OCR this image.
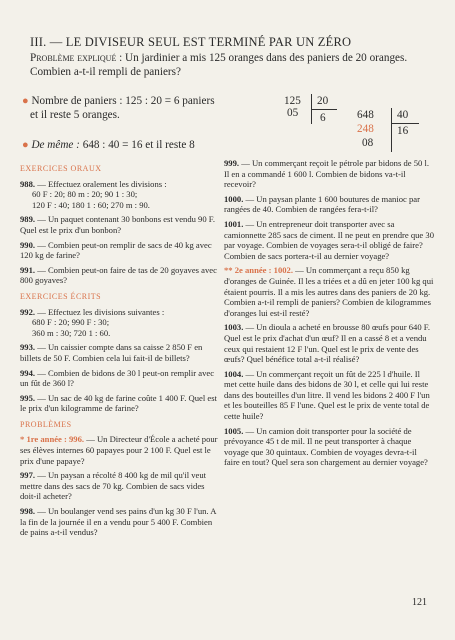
III. — LE DIVISEUR SEUL EST TERMINÉ PAR UN ZÉRO
Problème expliqué : Un jardinier a mis 125 oranges dans des paniers de 20 oranges. Combien a-t-il rempli de paniers?
● Nombre de paniers : 125 : 20 = 6 paniers
et il reste 5 oranges.
● De même : 648 : 40 = 16 et il reste 8
125 20
05 6	648 40
248
08
16

EXERCICES ORAUX

988. — Effectuez oralement les divisions :
60 F : 20; 80 m : 20; 90 1 : 30;
120 F : 40; 180 1 : 60; 270 m : 90.

989. — Un paquet contenant 30 bonbons est vendu 90 F. Quel est le prix d'un bonbon?

990. — Combien peut-on remplir de sacs de 40 kg avec 120 kg de farine?

991. — Combien peut-on faire de tas de 20 goyaves avec 800 goyaves?

EXERCICES ÉCRITS

992. — Effectuez les divisions suivantes :
680 F : 20; 990 F : 30;
360 m : 30; 720 1 : 60.

993. — Un caissier compte dans sa caisse 2 850 F en billets de 50 F. Combien cela lui fait-il de billets?

994. — Combien de bidons de 30 l peut-on remplir avec un fût de 360 l?

995. — Un sac de 40 kg de farine coûte 1 400 F. Quel est le prix d'un kilogramme de farine?

PROBLÈMES

* 1re année : 996. — Un Directeur d'École a acheté pour ses élèves internes 60 papayes pour 2 100 F. Quel est le prix d'une papaye?

997. — Un paysan a récolté 8 400 kg de mil qu'il veut mettre dans des sacs de 70 kg. Combien de sacs vides doit-il acheter?

998. — Un boulanger vend ses pains d'un kg 30 F l'un. A la fin de la journée il en a vendu pour 5 400 F. Combien de pains a-t-il vendus?

999. — Un commerçant reçoit le pétrole par bidons de 50 l. Il en a commandé 1 600 l. Combien de bidons va-t-il recevoir?

1000. — Un paysan plante 1 600 boutures de manioc par rangées de 40. Combien de rangées fera-t-il?

1001. — Un entrepreneur doit transporter avec sa camionnette 285 sacs de ciment. Il ne peut en prendre que 30 par voyage. Combien de voyages sera-t-il obligé de faire? Combien de sacs portera-t-il au dernier voyage?

** 2e année : 1002. — Un commerçant a reçu 850 kg d'oranges de Guinée. Il les a triées et a dû en jeter 100 kg qui étaient pourris. Il a mis les autres dans des paniers de 20 kg. Combien a-t-il rempli de paniers? Combien de kilogrammes d'oranges lui est-il resté?

1003. — Un dioula a acheté en brousse 80 œufs pour 640 F. Quel est le prix d'achat d'un œuf? Il en a cassé 8 et a vendu ceux qui restaient 12 F l'un. Quel est le prix de vente des œufs? Quel bénéfice total a-t-il réalisé?

1004. — Un commerçant reçoit un fût de 225 l d'huile. Il met cette huile dans des bidons de 30 l, et celle qui lui reste dans des bouteilles d'un litre. Il vend les bidons 2 400 F l'un et les bouteilles 85 F l'une. Quel est le prix de vente total de cette huile?

1005. — Un camion doit transporter pour la société de prévoyance 45 t de mil. Il ne peut transporter à chaque voyage que 30 quintaux. Combien de voyages devra-t-il faire en tout? Quel sera son chargement au dernier voyage?

121
